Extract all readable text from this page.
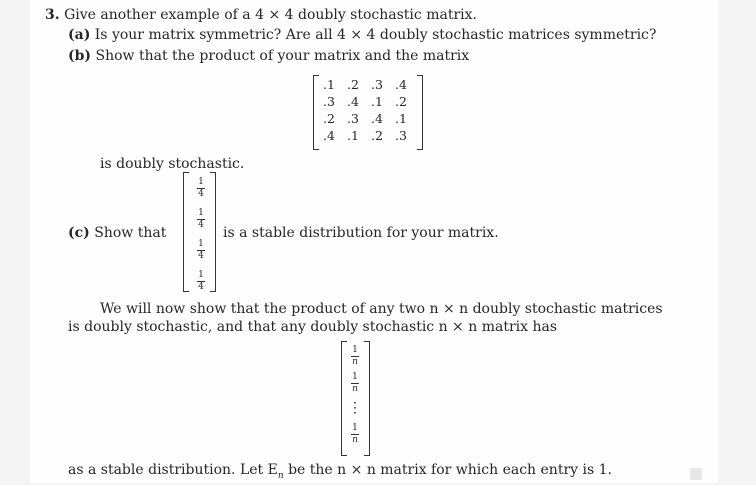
3. Give another example of a 4 × 4 doubly stochastic matrix.
(a) Is your matrix symmetric? Are all 4 × 4 doubly stochastic matrices symmetric?
(b) Show that the product of your matrix and the matrix
.1 .2 .3 .4
.3 .4 .1 .2
.2 .3 .4 .1
.4 .1 .2 .3
is doubly stochastic.
(c) Show that
$\frac{1}{4}$
$\frac{1}{4}$
$\frac{1}{4}$
$\frac{1}{4}$
is a stable distribution for your matrix.
We will now show that the product of any two n × n doubly stochastic matrices
is doubly stochastic, and that any doubly stochastic n × n matrix has
$\frac{1}{n}$
$\frac{1}{n}$
⋮
$\frac{1}{n}$
as a stable distribution. Let $E_n$ be the n × n matrix for which each entry is 1.
